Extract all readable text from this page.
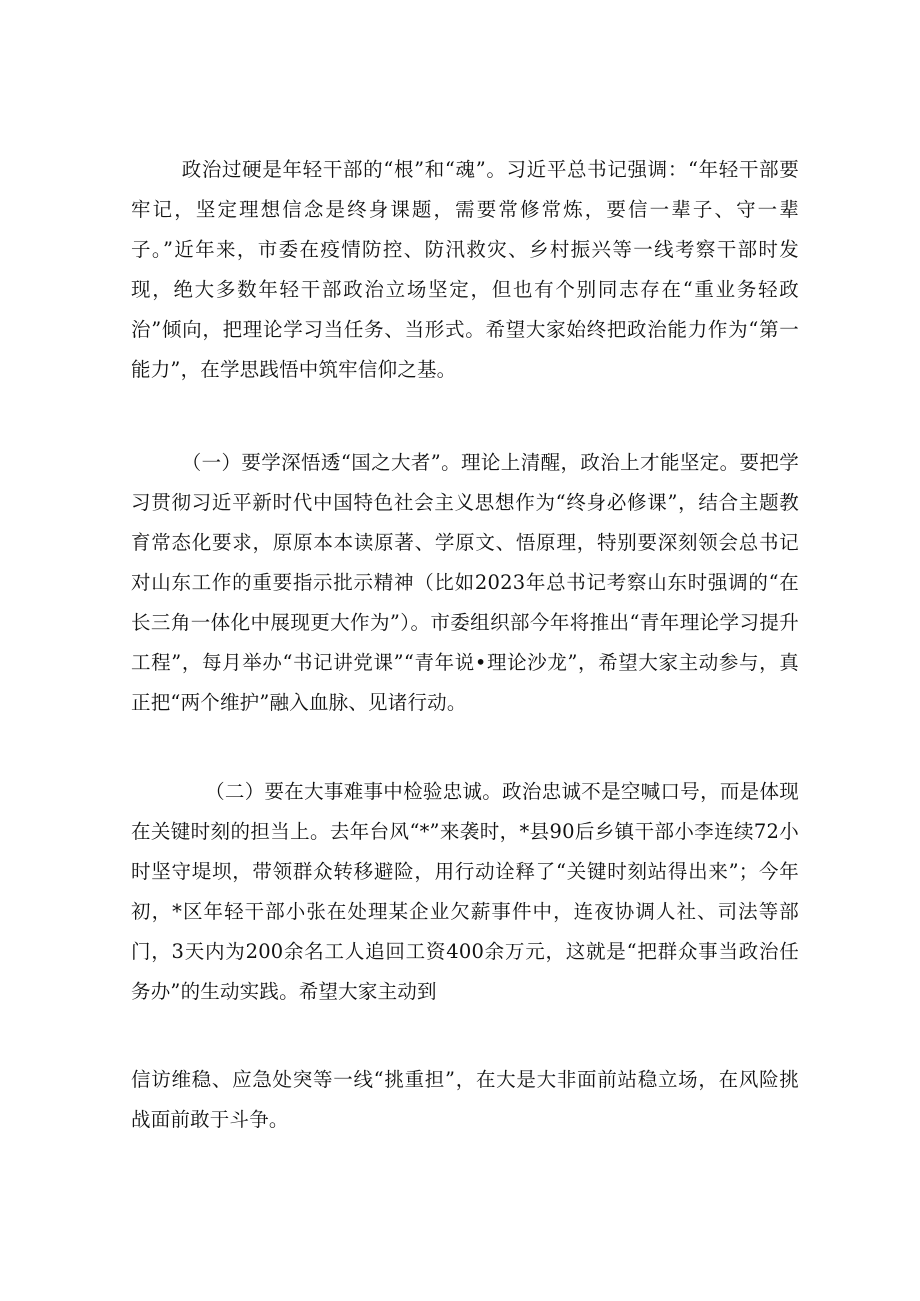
政治过硬是年轻干部的“根”和“魂”。习近平总书记强调：“年轻干部要牢记，坚定理想信念是终身课题，需要常修常炼，要信一辈子、守一辈子。”近年来，市委在疫情防控、防汛救灾、乡村振兴等一线考察干部时发现，绝大多数年轻干部政治立场坚定，但也有个别同志存在“重业务轻政治”倾向，把理论学习当任务、当形式。希望大家始终把政治能力作为“第一能力”，在学思践悟中筑牢信仰之基。

（一）要学深悟透“国之大者”。理论上清醒，政治上才能坚定。要把学习贯彻习近平新时代中国特色社会主义思想作为“终身必修课”，结合主题教育常态化要求，原原本本读原著、学原文、悟原理，特别要深刻领会总书记对山东工作的重要指示批示精神（比如2023年总书记考察山东时强调的“在长三角一体化中展现更大作为”）。市委组织部今年将推出“青年理论学习提升工程”，每月举办“书记讲党课”“青年说•理论沙龙”，希望大家主动参与，真正把“两个维护”融入血脉、见诸行动。

（二）要在大事难事中检验忠诚。政治忠诚不是空喊口号，而是体现在关键时刻的担当上。去年台风“*”来袭时，*县90后乡镇干部小李连续72小时坚守堤坝，带领群众转移避险，用行动诠释了“关键时刻站得出来”；今年初，*区年轻干部小张在处理某企业欠薪事件中，连夜协调人社、司法等部门，3天内为200余名工人追回工资400余万元，这就是“把群众事当政治任务办”的生动实践。希望大家主动到

信访维稳、应急处突等一线“挑重担”，在大是大非面前站稳立场，在风险挑战面前敢于斗争。
